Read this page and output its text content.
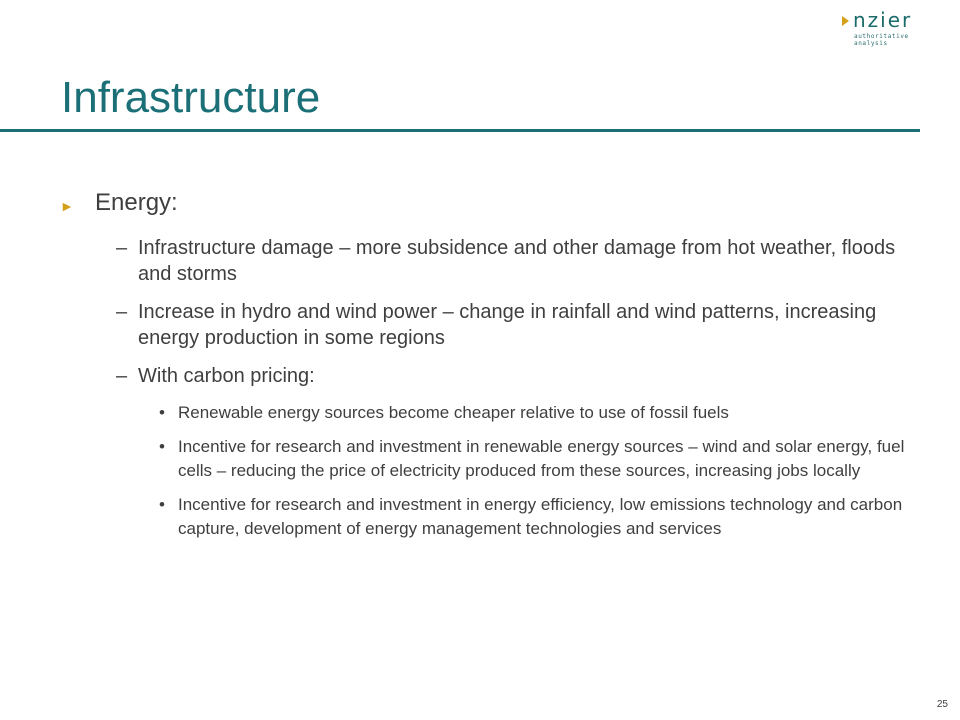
nzier
authoritative analysis
Infrastructure
► Energy:
– Infrastructure damage – more subsidence and other damage from hot weather, floods and storms
– Increase in hydro and wind power – change in rainfall and wind patterns, increasing energy production in some regions
– With carbon pricing:
• Renewable energy sources become cheaper relative to use of fossil fuels
• Incentive for research and investment in renewable energy sources – wind and solar energy, fuel cells – reducing the price of electricity produced from these sources, increasing jobs locally
• Incentive for research and investment in energy efficiency, low emissions technology and carbon capture, development of energy management technologies and services
25
